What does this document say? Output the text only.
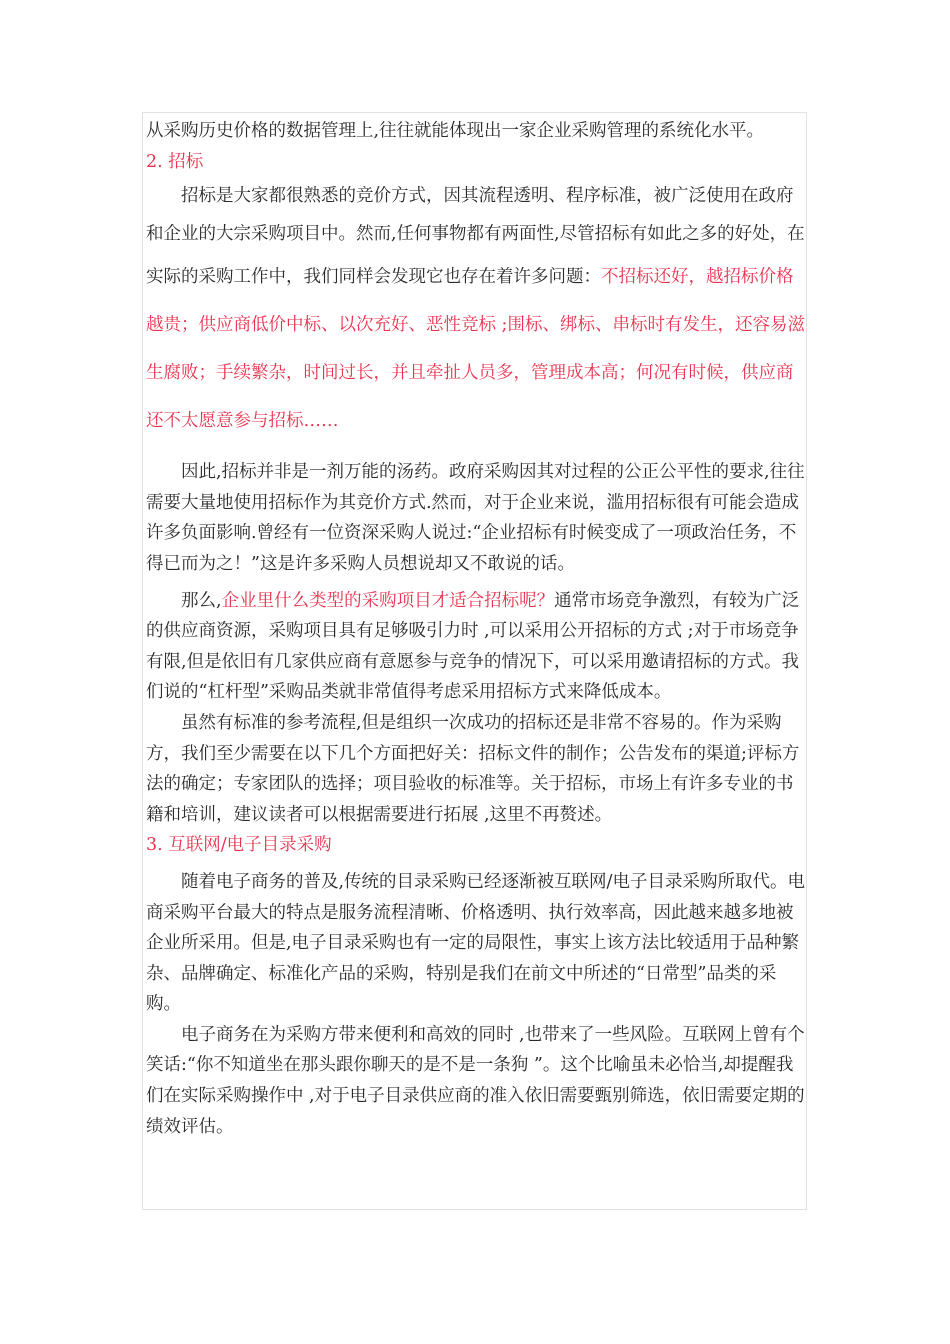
从采购历史价格的数据管理上,往往就能体现出一家企业采购管理的系统化水平。

2. 招标

招标是大家都很熟悉的竞价方式，因其流程透明、程序标准，被广泛使用在政府和企业的大宗采购项目中。然而,任何事物都有两面性,尽管招标有如此之多的好处，在实际的采购工作中，我们同样会发现它也存在着许多问题：不招标还好，越招标价格越贵；供应商低价中标、以次充好、恶性竞标 ;围标、绑标、串标时有发生，还容易滋生腐败；手续繁杂，时间过长，并且牵扯人员多，管理成本高；何况有时候，供应商还不太愿意参与招标……

因此,招标并非是一剂万能的汤药。政府采购因其对过程的公正公平性的要求,往往需要大量地使用招标作为其竞价方式.然而，对于企业来说，滥用招标很有可能会造成许多负面影响.曾经有一位资深采购人说过:“企业招标有时候变成了一项政治任务，不得已而为之！”这是许多采购人员想说却又不敢说的话。

那么,企业里什么类型的采购项目才适合招标呢？通常市场竞争激烈，有较为广泛的供应商资源，采购项目具有足够吸引力时 ,可以采用公开招标的方式 ;对于市场竞争有限,但是依旧有几家供应商有意愿参与竞争的情况下，可以采用邀请招标的方式。我们说的“杠杆型”采购品类就非常值得考虑采用招标方式来降低成本。

虽然有标准的参考流程,但是组织一次成功的招标还是非常不容易的。作为采购方，我们至少需要在以下几个方面把好关：招标文件的制作；公告发布的渠道;评标方法的确定；专家团队的选择；项目验收的标准等。关于招标，市场上有许多专业的书籍和培训，建议读者可以根据需要进行拓展 ,这里不再赘述。

3. 互联网/电子目录采购

随着电子商务的普及,传统的目录采购已经逐渐被互联网/电子目录采购所取代。电商采购平台最大的特点是服务流程清晰、价格透明、执行效率高，因此越来越多地被企业所采用。但是,电子目录采购也有一定的局限性，事实上该方法比较适用于品种繁杂、品牌确定、标准化产品的采购，特别是我们在前文中所述的“日常型”品类的采购。

电子商务在为采购方带来便利和高效的同时 ,也带来了一些风险。互联网上曾有个笑话:“你不知道坐在那头跟你聊天的是不是一条狗 ”。这个比喻虽未必恰当,却提醒我们在实际采购操作中 ,对于电子目录供应商的准入依旧需要甄别筛选，依旧需要定期的绩效评估。
